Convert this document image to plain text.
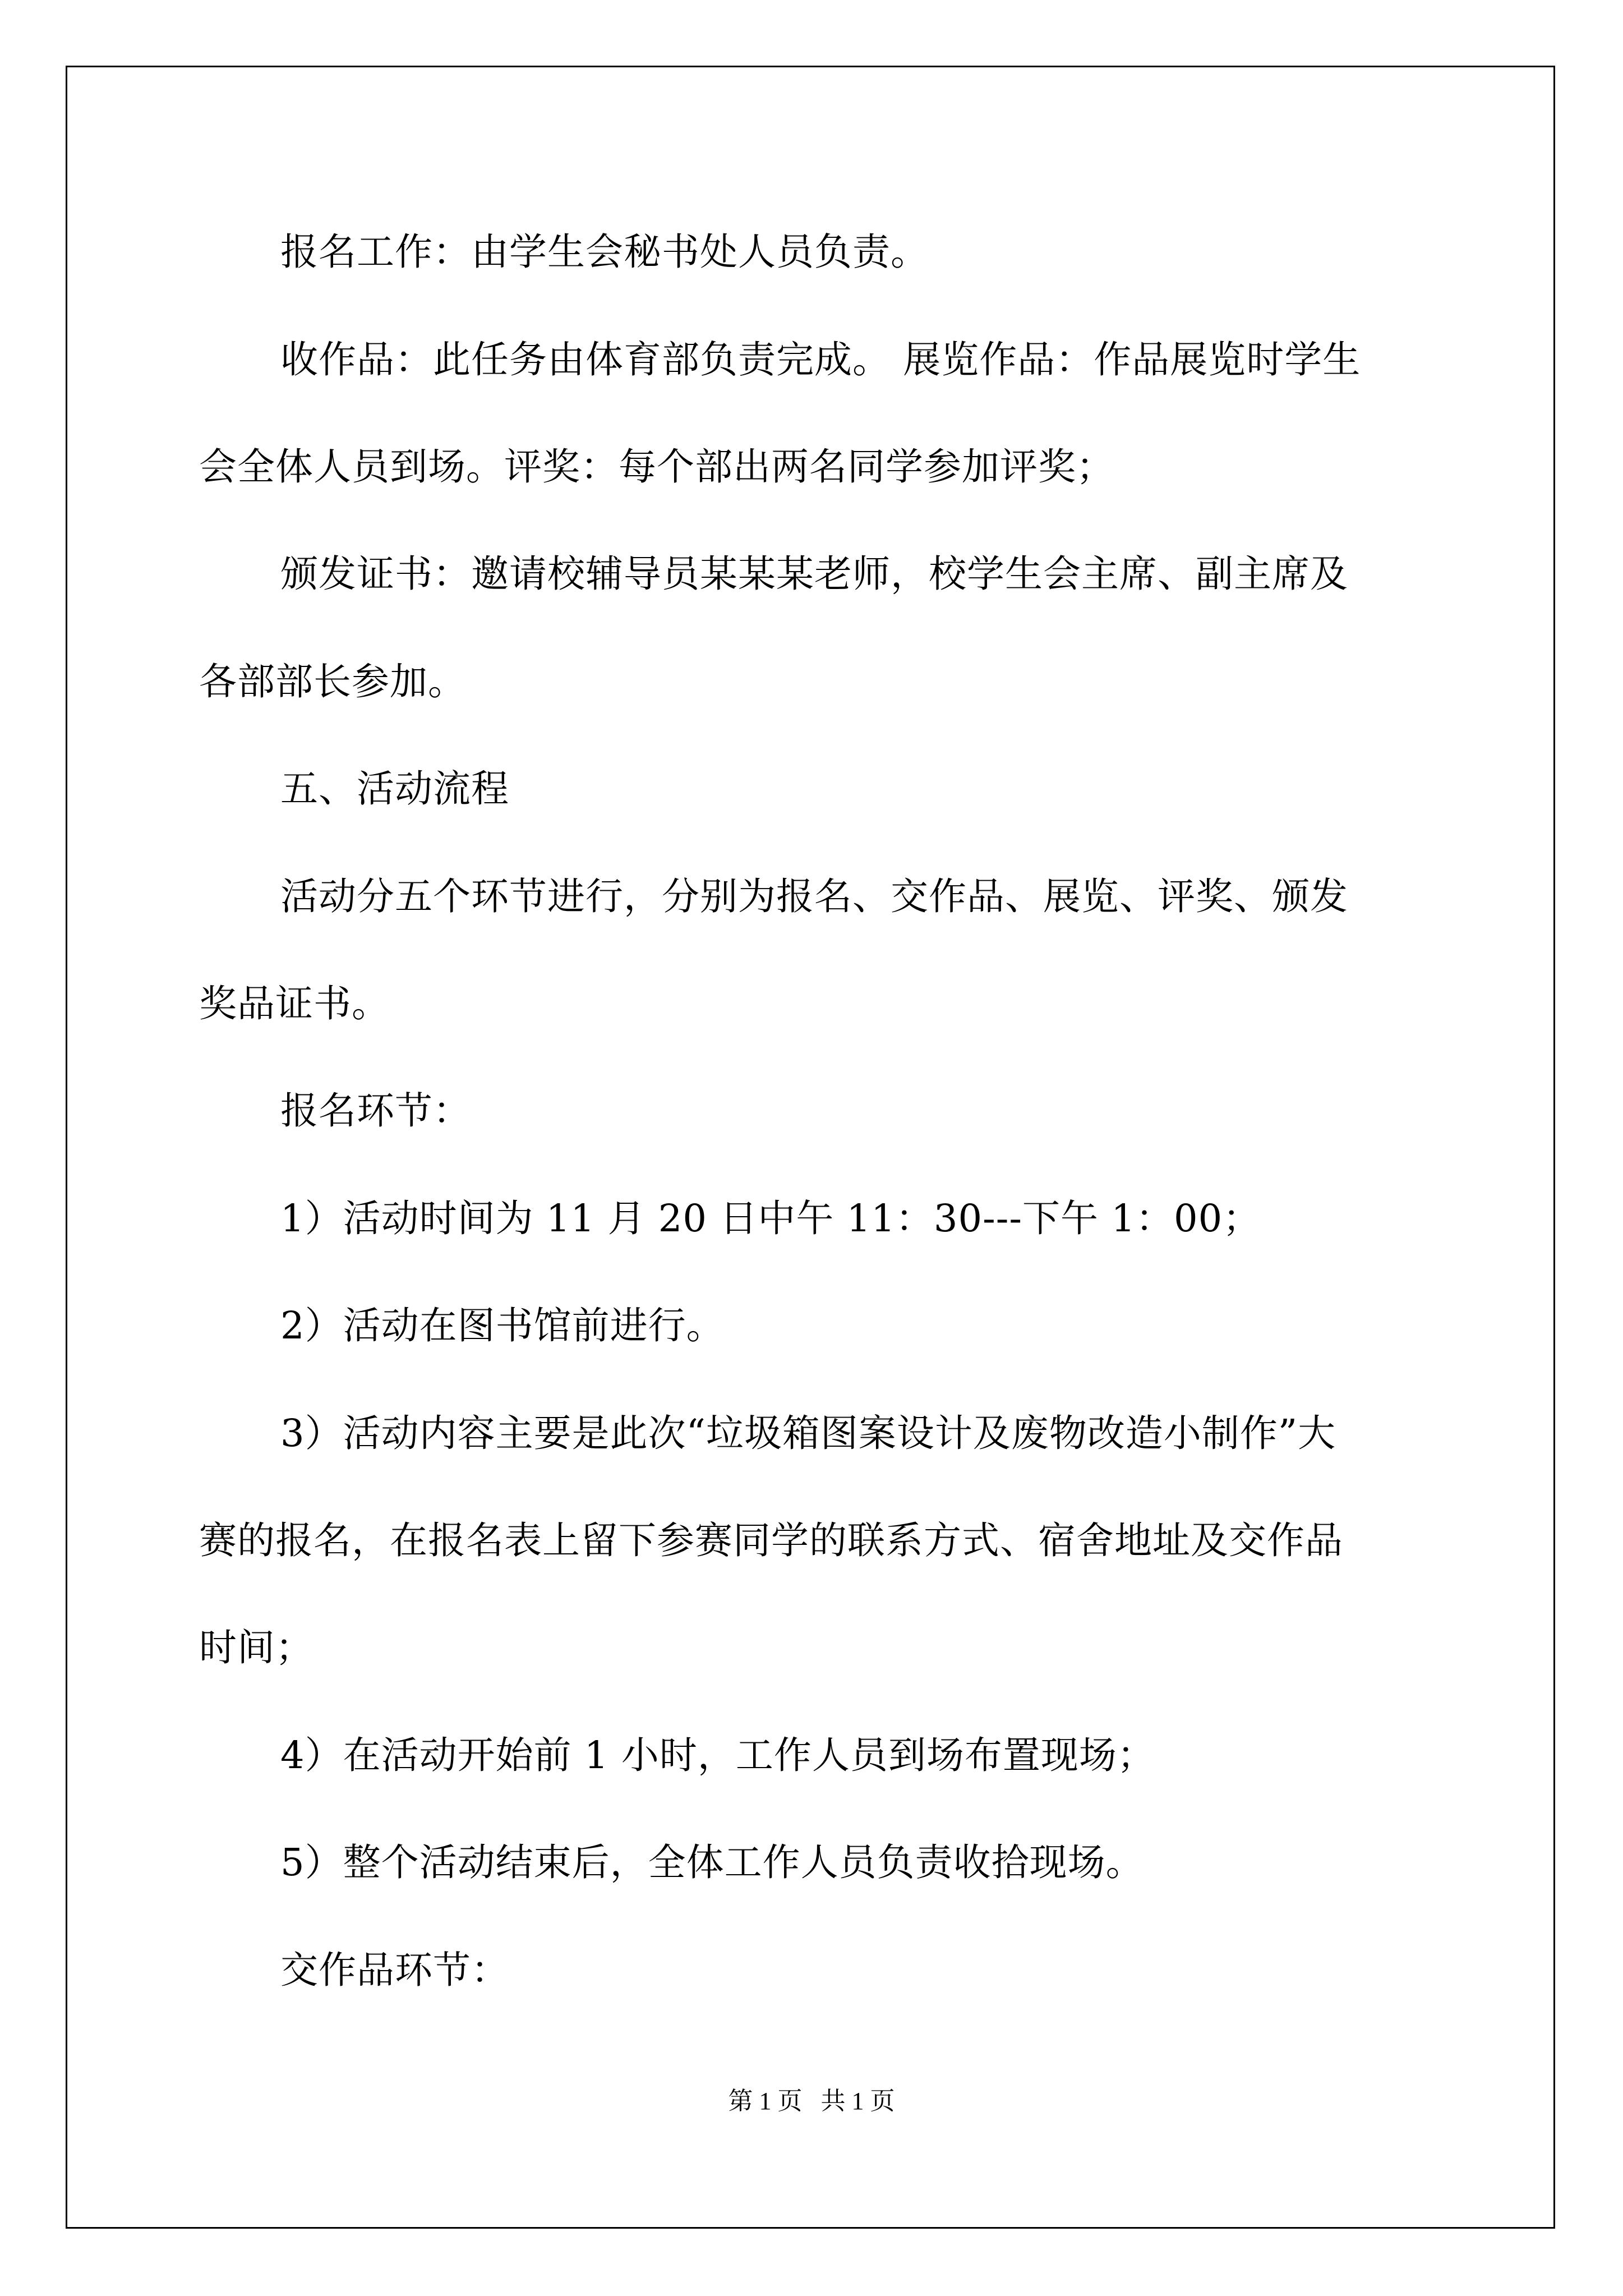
报名工作：由学生会秘书处人员负责。
收作品：此任务由体育部负责完成。 展览作品：作品展览时学生
会全体人员到场。评奖：每个部出两名同学参加评奖；
颁发证书：邀请校辅导员某某某老师，校学生会主席、副主席及
各部部长参加。
五、活动流程
活动分五个环节进行，分别为报名、交作品、展览、评奖、颁发
奖品证书。
报名环节：
1）活动时间为 11 月 20 日中午 11：30---下午 1：00；
2）活动在图书馆前进行。
3）活动内容主要是此次“垃圾箱图案设计及废物改造小制作”大
赛的报名，在报名表上留下参赛同学的联系方式、宿舍地址及交作品
时间；
4）在活动开始前 1 小时，工作人员到场布置现场；
5）整个活动结束后，全体工作人员负责收拾现场。
交作品环节：
第 1 页   共 1 页
